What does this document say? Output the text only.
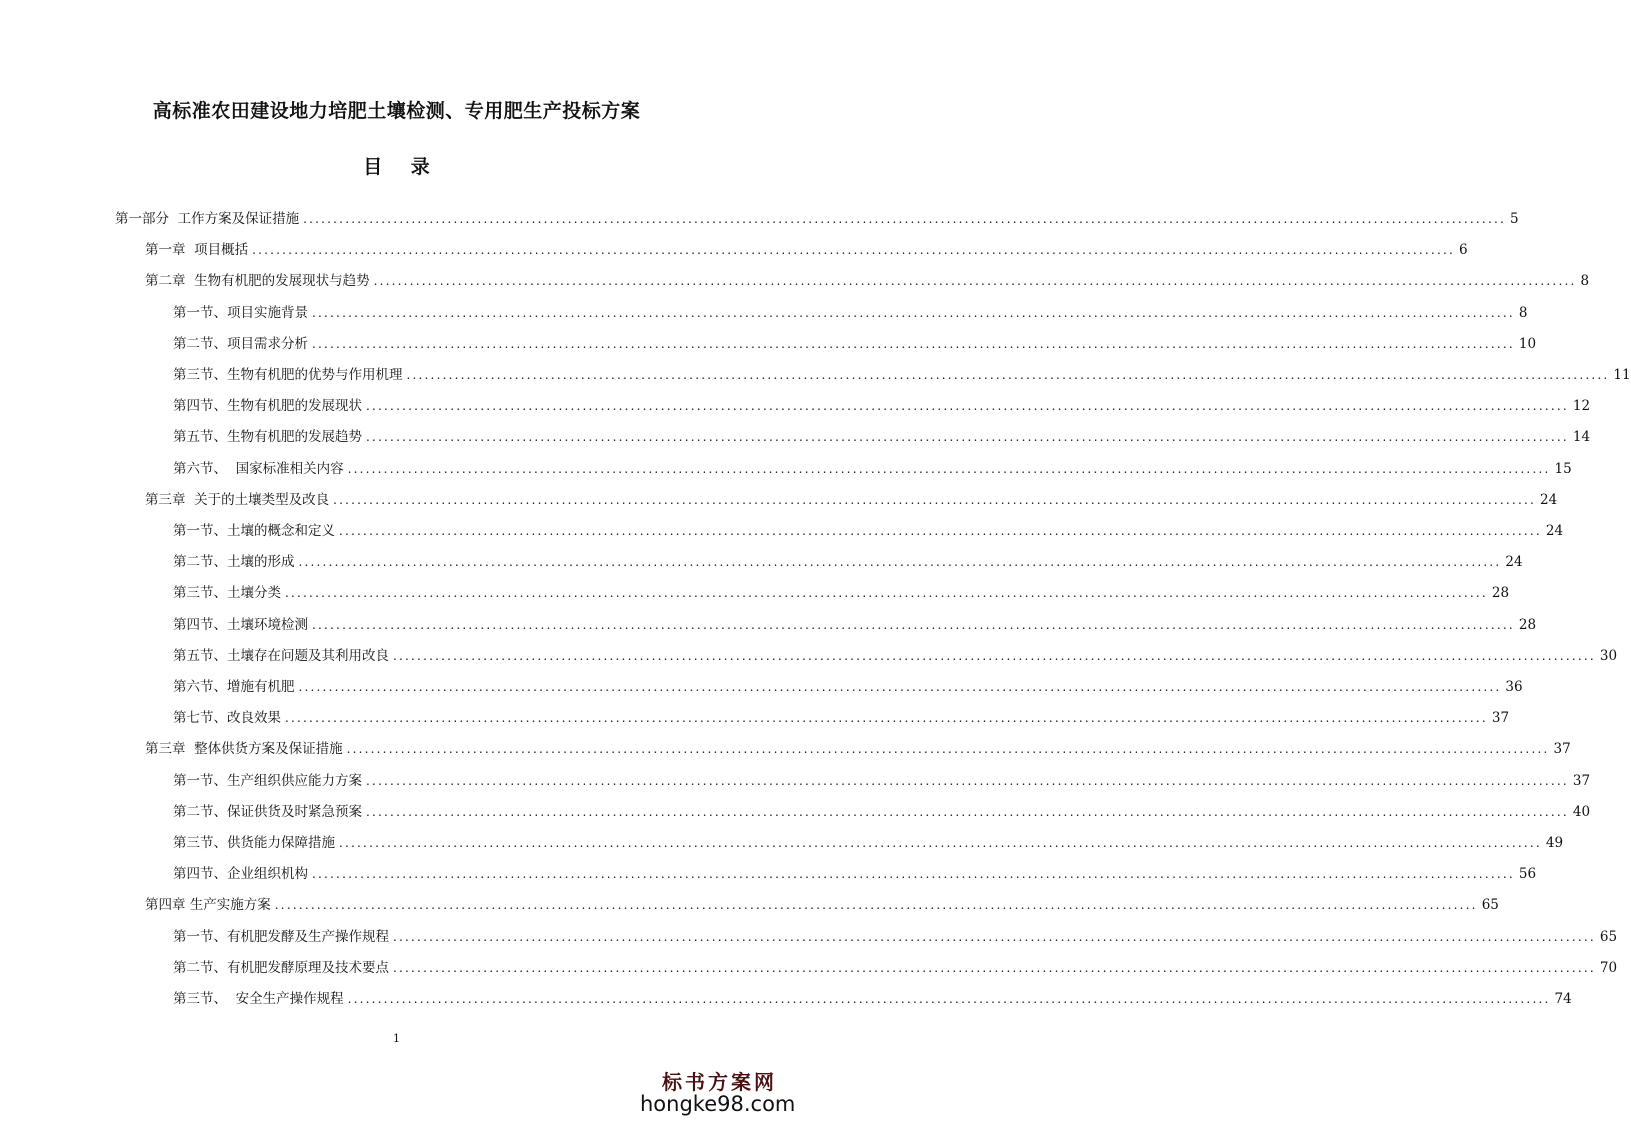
高标准农田建设地力培肥土壤检测、专用肥生产投标方案
目 录
第一部分  工作方案及保证措施 ........................................................................................................................................................................................................ 5
第一章  项目概括 ........................................................................................................................................................................................................ 6
第二章  生物有机肥的发展现状与趋势 ........................................................................................................................................................................................................ 8
第一节、项目实施背景 ........................................................................................................................................................................................................ 8
第二节、项目需求分析 ........................................................................................................................................................................................................ 10
第三节、生物有机肥的优势与作用机理 ........................................................................................................................................................................................................ 11
第四节、生物有机肥的发展现状 ........................................................................................................................................................................................................ 12
第五节、生物有机肥的发展趋势 ........................................................................................................................................................................................................ 14
第六节、  国家标准相关内容 ........................................................................................................................................................................................................ 15
第三章  关于的土壤类型及改良 ........................................................................................................................................................................................................ 24
第一节、土壤的概念和定义 ........................................................................................................................................................................................................ 24
第二节、土壤的形成 ........................................................................................................................................................................................................ 24
第三节、土壤分类 ........................................................................................................................................................................................................ 28
第四节、土壤环境检测 ........................................................................................................................................................................................................ 28
第五节、土壤存在问题及其利用改良 ........................................................................................................................................................................................................ 30
第六节、增施有机肥 ........................................................................................................................................................................................................ 36
第七节、改良效果 ........................................................................................................................................................................................................ 37
第三章  整体供货方案及保证措施 ........................................................................................................................................................................................................ 37
第一节、生产组织供应能力方案 ........................................................................................................................................................................................................ 37
第二节、保证供货及时紧急预案 ........................................................................................................................................................................................................ 40
第三节、供货能力保障措施 ........................................................................................................................................................................................................ 49
第四节、企业组织机构 ........................................................................................................................................................................................................ 56
第四章 生产实施方案 ........................................................................................................................................................................................................ 65
第一节、有机肥发酵及生产操作规程 ........................................................................................................................................................................................................ 65
第二节、有机肥发酵原理及技术要点 ........................................................................................................................................................................................................ 70
第三节、  安全生产操作规程 ........................................................................................................................................................................................................ 74
1
标书方案网
hongke98.com
